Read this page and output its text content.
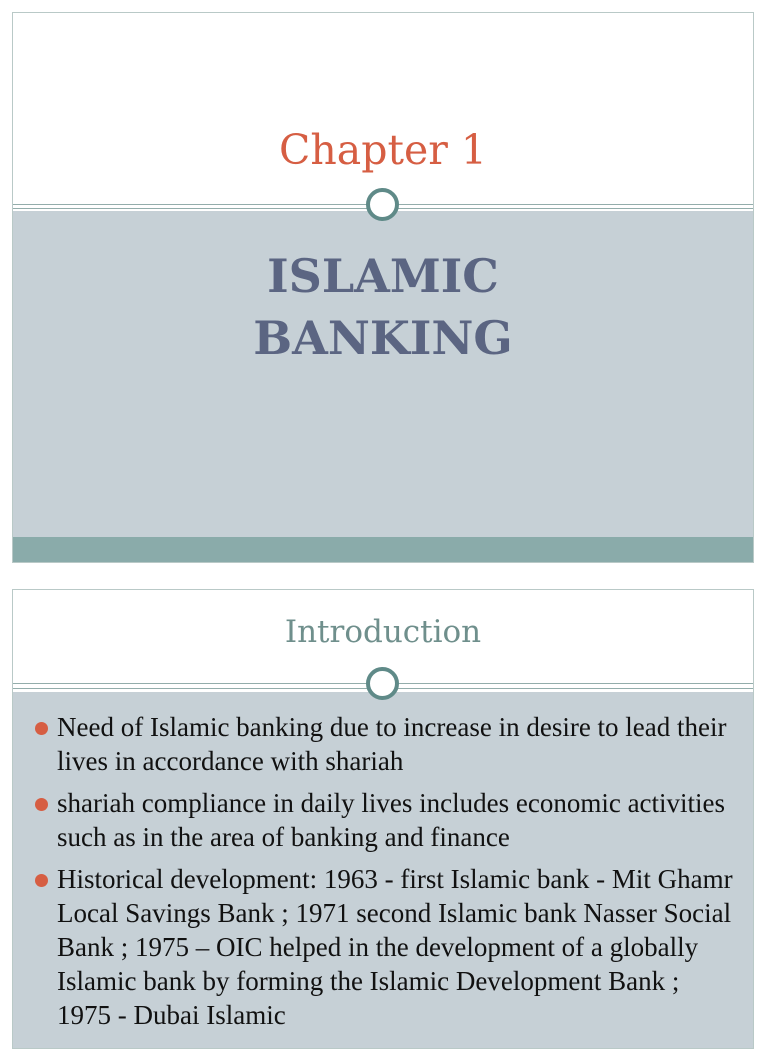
Chapter 1
ISLAMIC
BANKING
Introduction
Need of Islamic banking due to increase in desire to lead their lives in accordance with shariah
shariah compliance in daily lives includes economic activities such as in the area of banking and finance
Historical development: 1963 - first Islamic bank - Mit Ghamr Local Savings Bank ; 1971 second Islamic bank Nasser Social Bank ; 1975 – OIC helped in the development of a globally Islamic bank by forming the Islamic Development Bank ; 1975 - Dubai Islamic
